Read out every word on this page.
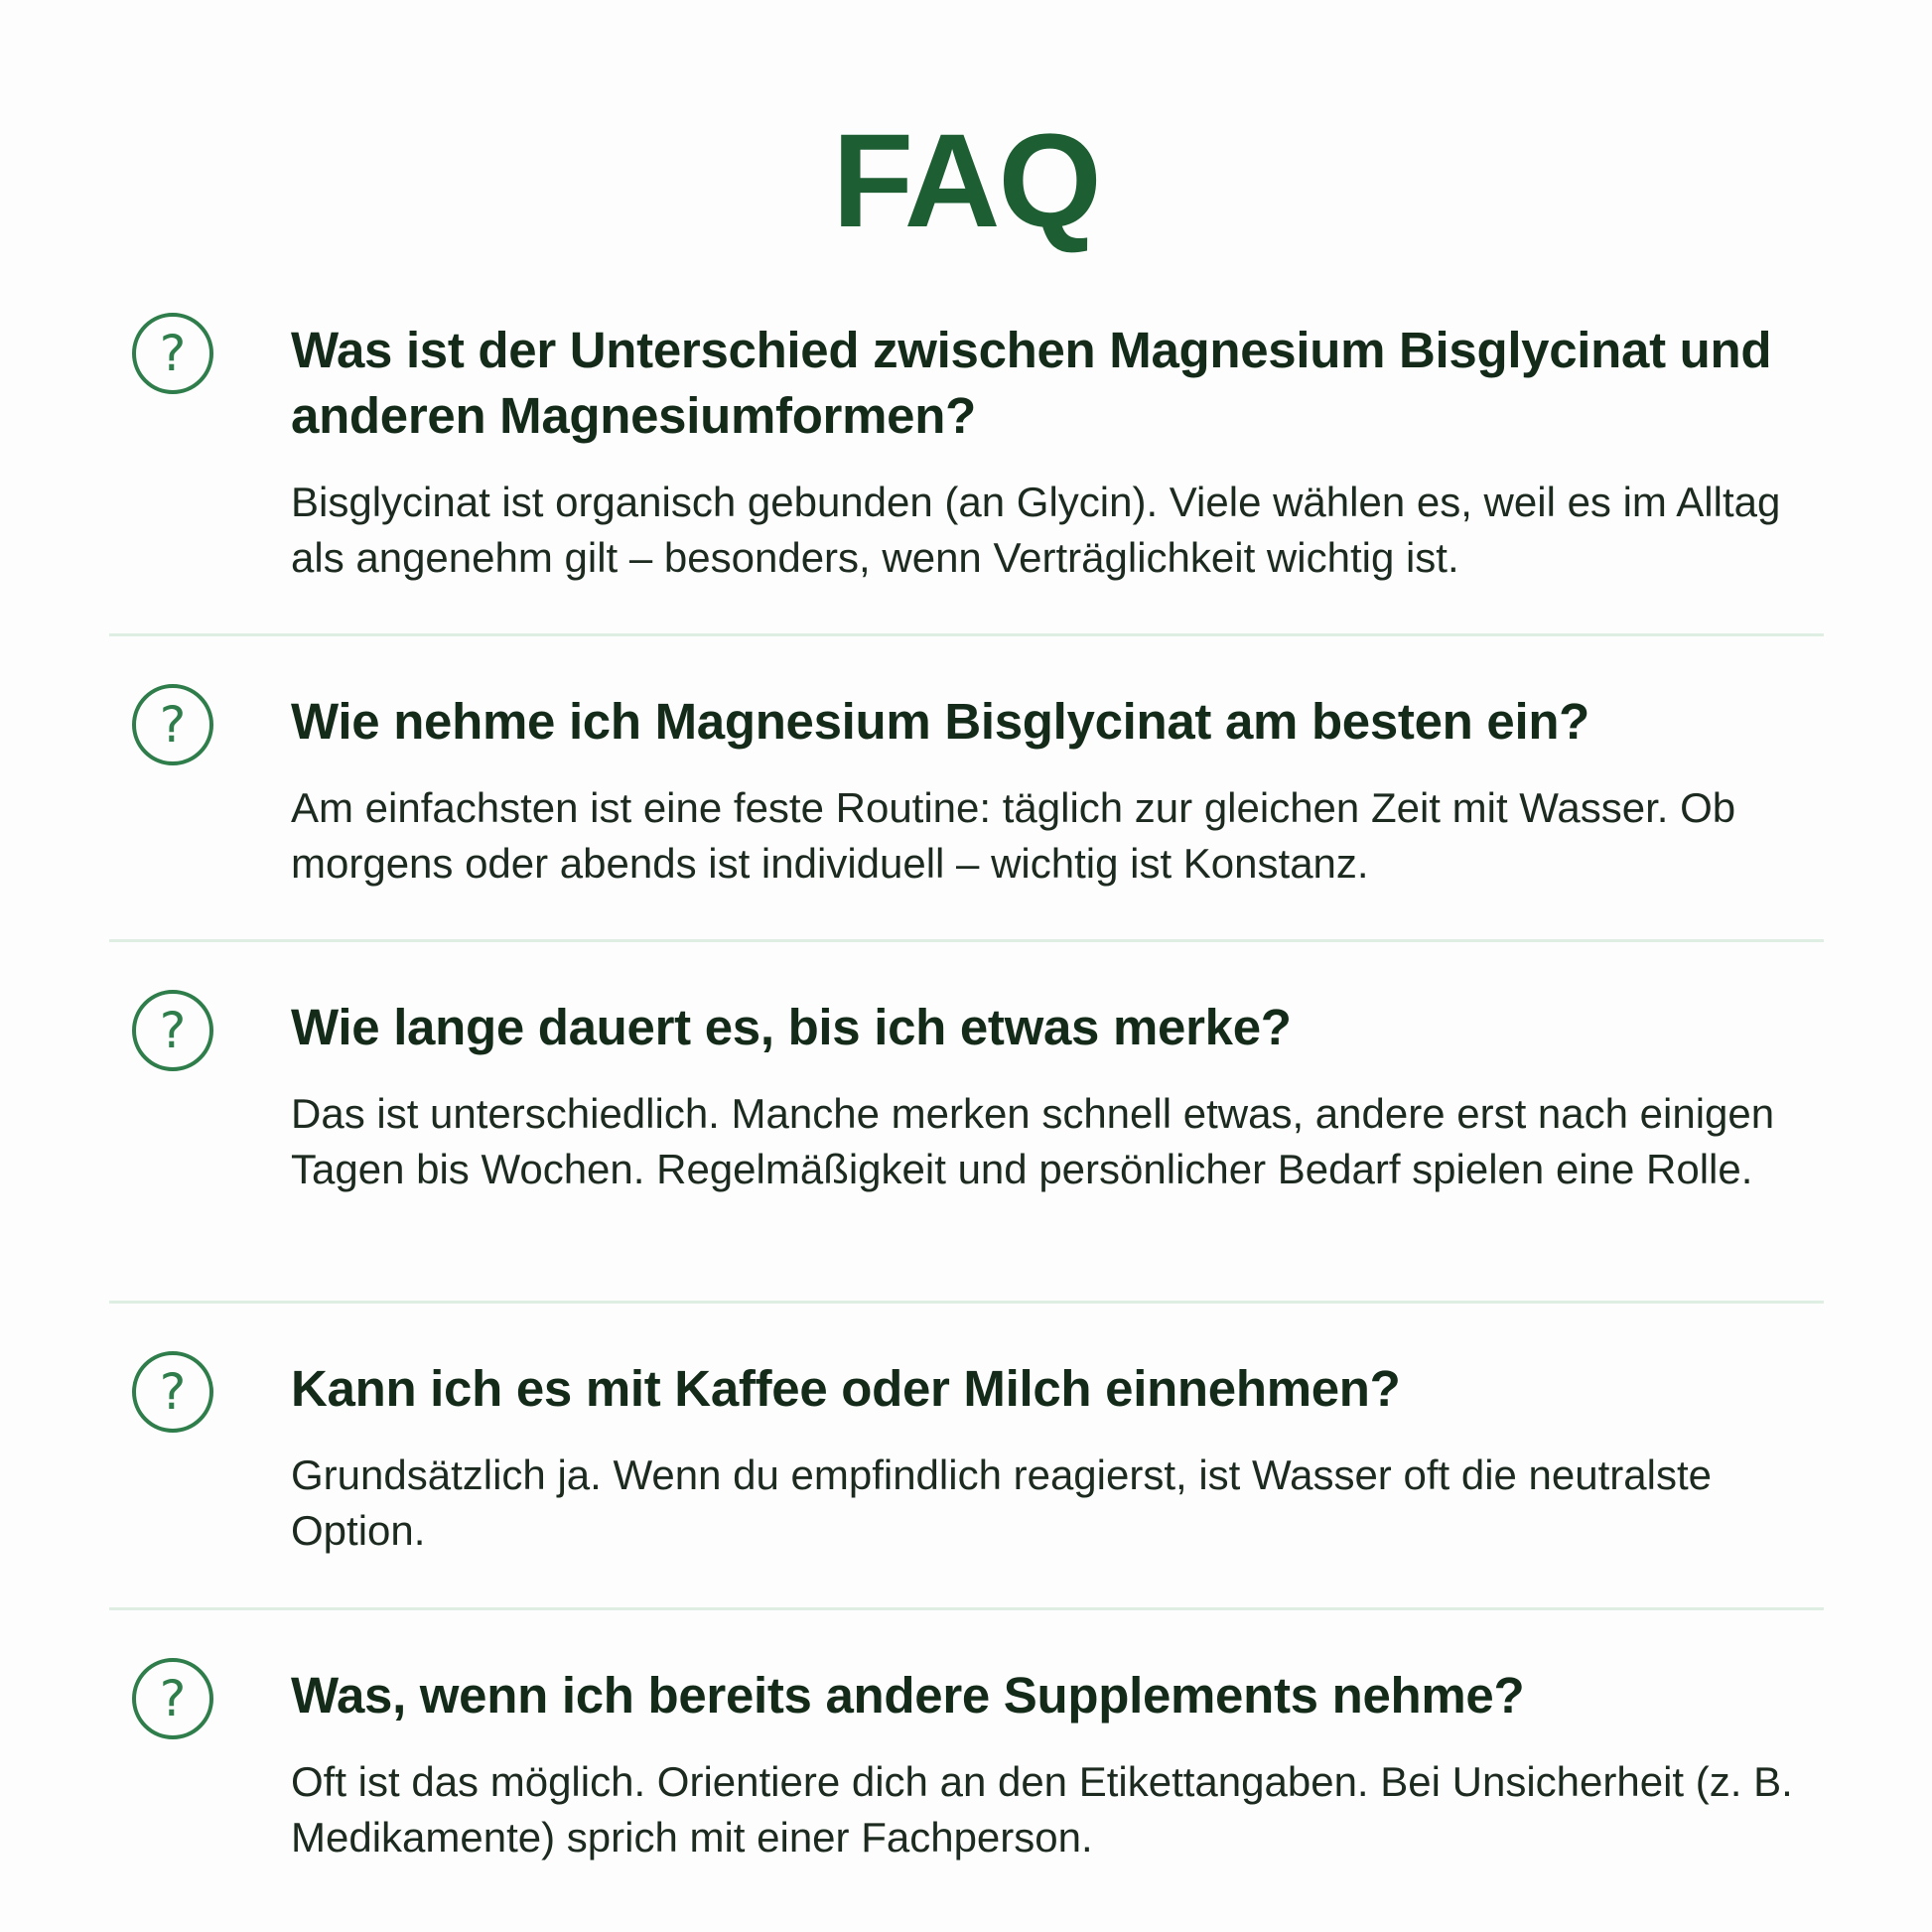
FAQ
?	Was ist der Unterschied zwischen Magnesium Bisglycinat und anderen Magnesiumformen?

Bisglycinat ist organisch gebunden (an Glycin). Viele wählen es, weil es im Alltag als angenehm gilt – besonders, wenn Verträglichkeit wichtig ist.

?	Wie nehme ich Magnesium Bisglycinat am besten ein?

Am einfachsten ist eine feste Routine: täglich zur gleichen Zeit mit Wasser. Ob morgens oder abends ist individuell – wichtig ist Konstanz.

?	Wie lange dauert es, bis ich etwas merke?

Das ist unterschiedlich. Manche merken schnell etwas, andere erst nach einigen Tagen bis Wochen. Regelmäßigkeit und persönlicher Bedarf spielen eine Rolle.

?	Kann ich es mit Kaffee oder Milch einnehmen?

Grundsätzlich ja. Wenn du empfindlich reagierst, ist Wasser oft die neutralste Option.

?	Was, wenn ich bereits andere Supplements nehme?

Oft ist das möglich. Orientiere dich an den Etikettangaben. Bei Unsicherheit (z. B. Medikamente) sprich mit einer Fachperson.
